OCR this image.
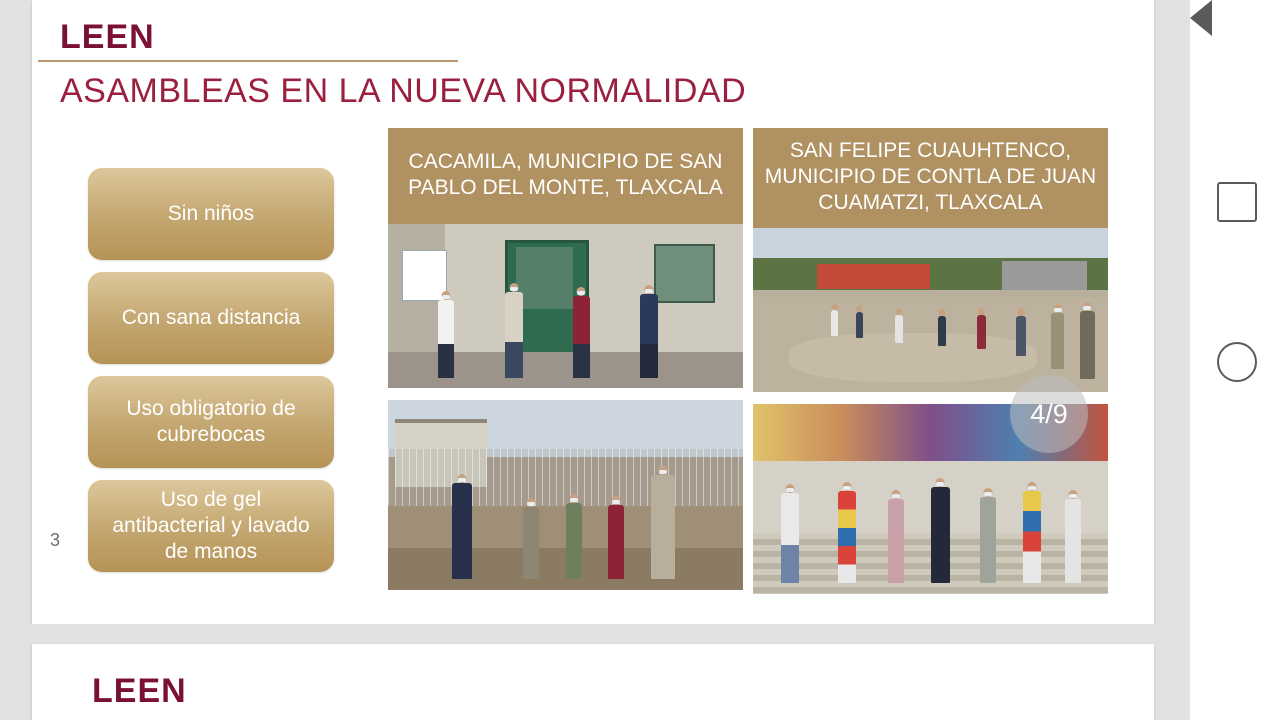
LEEN
ASAMBLEAS EN LA NUEVA NORMALIDAD
3
Sin niños
Con sana distancia
Uso obligatorio de cubrebocas
Uso de gel antibacterial y lavado de manos
CACAMILA, MUNICIPIO DE SAN PABLO DEL MONTE, TLAXCALA
SAN FELIPE CUAUHTENCO, MUNICIPIO DE CONTLA DE JUAN CUAMATZI, TLAXCALA
LEEN
4/9
